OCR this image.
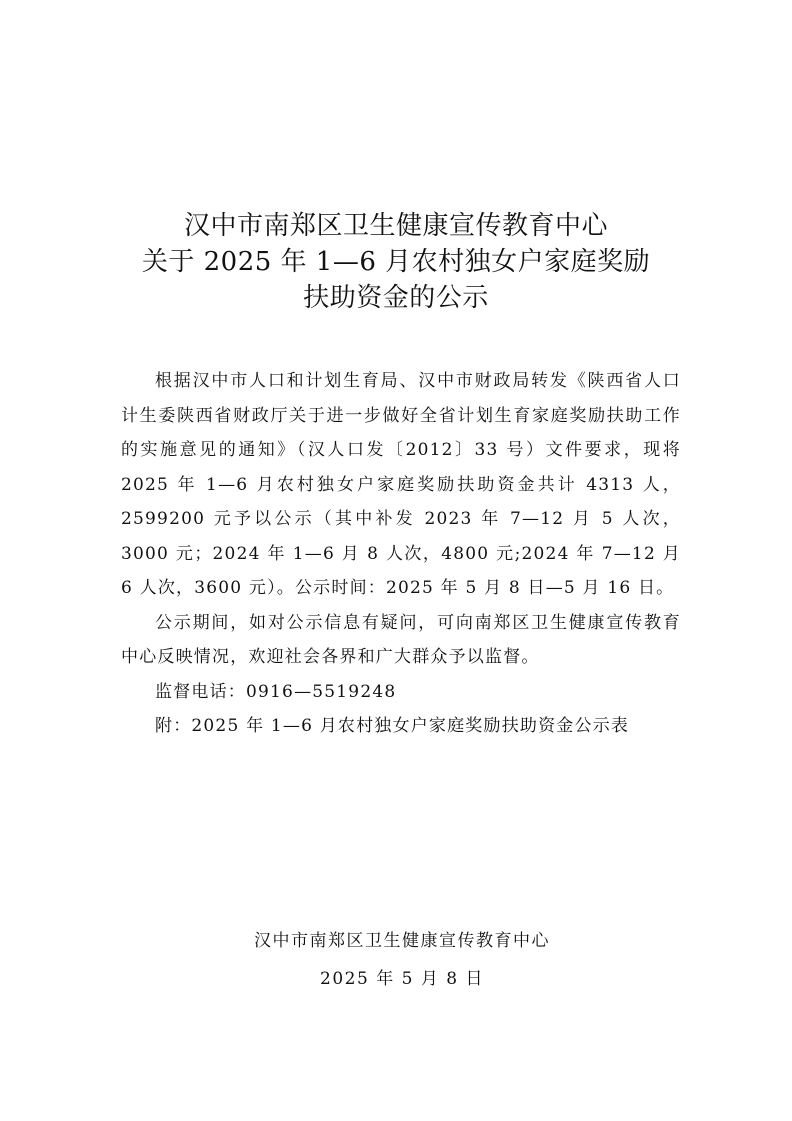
汉中市南郑区卫生健康宣传教育中心
关于 2025 年 1—6 月农村独女户家庭奖励
扶助资金的公示

根据汉中市人口和计划生育局、汉中市财政局转发《陕西省人口计生委陕西省财政厅关于进一步做好全省计划生育家庭奖励扶助工作的实施意见的通知》（汉人口发〔2012〕33 号）文件要求，现将 2025 年 1—6 月农村独女户家庭奖励扶助资金共计 4313 人，2599200 元予以公示（其中补发 2023 年 7—12 月 5 人次，3000 元；2024 年 1—6 月 8 人次，4800 元;2024 年 7—12 月 6 人次，3600 元）。公示时间：2025 年 5 月 8 日—5 月 16 日。

公示期间，如对公示信息有疑问，可向南郑区卫生健康宣传教育中心反映情况，欢迎社会各界和广大群众予以监督。

监督电话：0916—5519248

附：2025 年 1—6 月农村独女户家庭奖励扶助资金公示表
汉中市南郑区卫生健康宣传教育中心
2025 年 5 月 8 日
